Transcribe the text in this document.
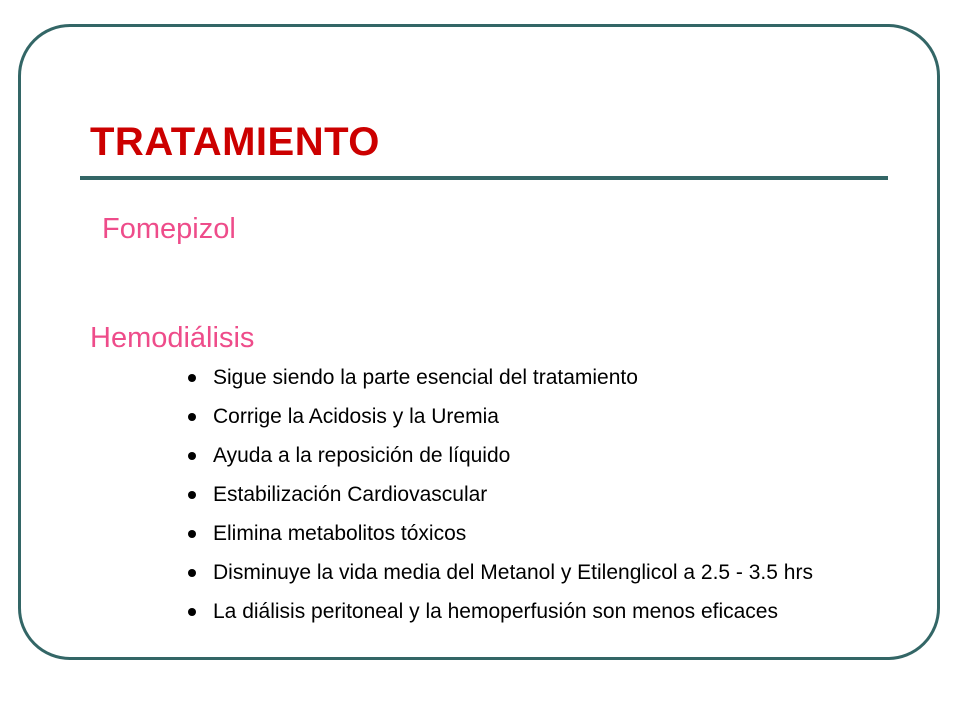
TRATAMIENTO

Fomepizol

Hemodiálisis

Sigue siendo la parte esencial del tratamiento
Corrige la Acidosis y la Uremia
Ayuda a la reposición de líquido
Estabilización Cardiovascular
Elimina metabolitos tóxicos
Disminuye la vida media del Metanol y Etilenglicol a 2.5 - 3.5 hrs
La diálisis peritoneal y la hemoperfusión son menos eficaces
